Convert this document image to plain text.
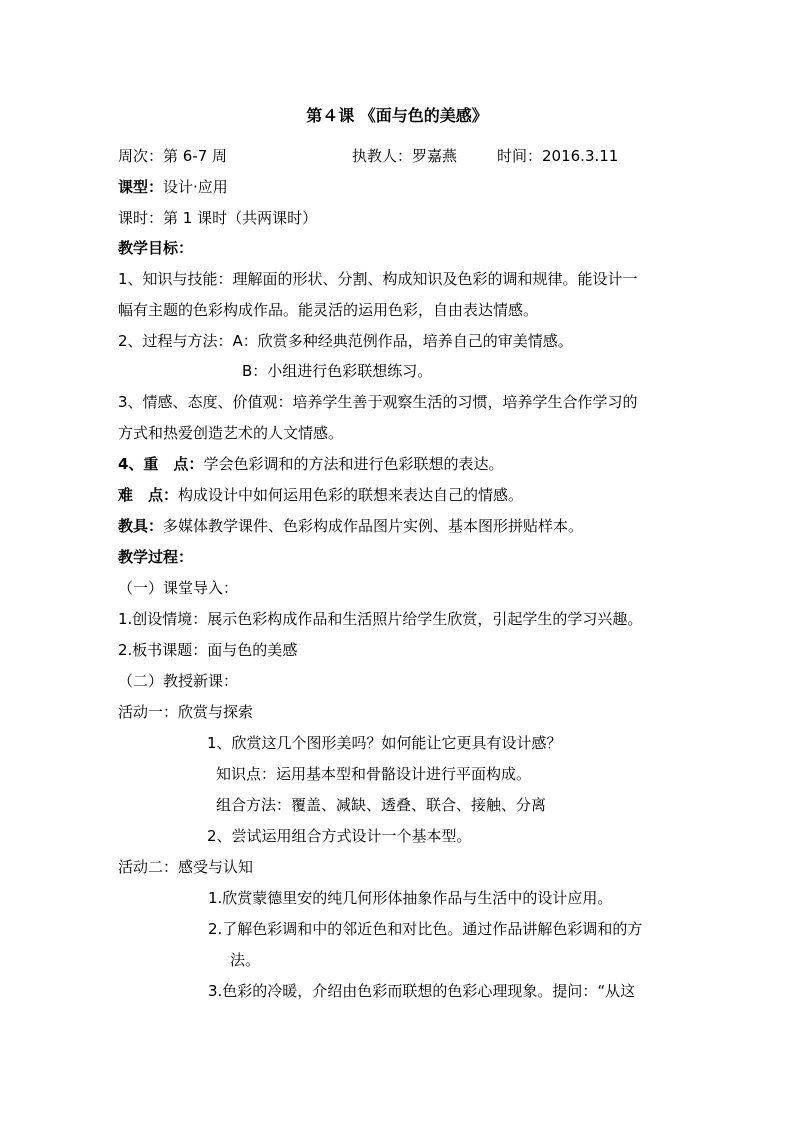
第４课 《面与色的美感》
周次：第 6-7 周	执教人：罗嘉燕	时间：2016.3.11
课型：设计·应用
课时：第 1 课时（共两课时）
教学目标：
1、知识与技能：理解面的形状、分割、构成知识及色彩的调和规律。能设计一
幅有主题的色彩构成作品。能灵活的运用色彩，自由表达情感。
2、过程与方法：A：欣赏多种经典范例作品，培养自己的审美情感。
B：小组进行色彩联想练习。
3、情感、态度、价值观：培养学生善于观察生活的习惯，培养学生合作学习的
方式和热爱创造艺术的人文情感。
4、重　点：学会色彩调和的方法和进行色彩联想的表达。
难　点：构成设计中如何运用色彩的联想来表达自己的情感。
教具：多媒体教学课件、色彩构成作品图片实例、基本图形拼贴样本。
教学过程：
（一）课堂导入：
1.创设情境：展示色彩构成作品和生活照片给学生欣赏，引起学生的学习兴趣。
2.板书课题：面与色的美感
（二）教授新课：
活动一：欣赏与探索
1、欣赏这几个图形美吗？如何能让它更具有设计感？
知识点：运用基本型和骨骼设计进行平面构成。
组合方法：覆盖、减缺、透叠、联合、接触、分离
2、尝试运用组合方式设计一个基本型。
活动二：感受与认知
1.欣赏蒙德里安的纯几何形体抽象作品与生活中的设计应用。
2.了解色彩调和中的邻近色和对比色。通过作品讲解色彩调和的方
法。
3.色彩的冷暖，介绍由色彩而联想的色彩心理现象。提问：“从这
